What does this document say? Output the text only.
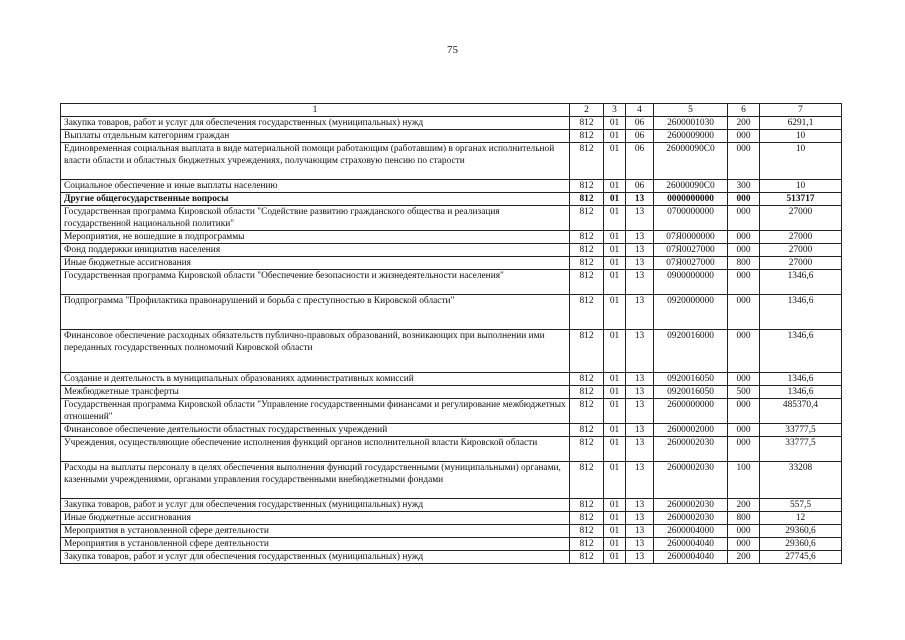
75
1	2	3	4	5	6	7
Закупка товаров, работ и услуг для обеспечения государственных (муниципальных) нужд	812	01	06	2600001030	200	6291,1
Выплаты отдельным категориям граждан	812	01	06	2600009000	000	10
Единовременная социальная выплата в виде материальной помощи работающим (работавшим) в органах исполнительной власти области и областных бюджетных учреждениях, получающим страховую пенсию по старости	812	01	06	26000090С0	000	10
Социальное обеспечение и иные выплаты населению	812	01	06	26000090С0	300	10
Другие общегосударственные вопросы	812	01	13	0000000000	000	513717
Государственная программа Кировской области "Содействие развитию гражданского общества и реализация государственной национальной политики"	812	01	13	0700000000	000	27000
Мероприятия, не вошедшие в подпрограммы	812	01	13	07Я0000000	000	27000
Фонд поддержки инициатив населения	812	01	13	07Я0027000	000	27000
Иные бюджетные ассигнования	812	01	13	07Я0027000	800	27000
Государственная программа Кировской области "Обеспечение безопасности и жизнедеятельности населения"	812	01	13	0900000000	000	1346,6
Подпрограмма "Профилактика правонарушений и борьба с преступностью в Кировской области"	812	01	13	0920000000	000	1346,6
Финансовое обеспечение расходных обязательств публично-правовых образований, возникающих при выполнении ими переданных государственных полномочий Кировской области	812	01	13	0920016000	000	1346,6
Создание и деятельность в муниципальных образованиях административных комиссий	812	01	13	0920016050	000	1346,6
Межбюджетные трансферты	812	01	13	0920016050	500	1346,6
Государственная программа Кировской области "Управление государственными финансами и регулирование межбюджетных отношений"	812	01	13	2600000000	000	485370,4
Финансовое обеспечение деятельности областных государственных учреждений	812	01	13	2600002000	000	33777,5
Учреждения, осуществляющие обеспечение исполнения функций органов исполнительной власти Кировской области	812	01	13	2600002030	000	33777,5
Расходы на выплаты персоналу в целях обеспечения выполнения функций государственными (муниципальными) органами, казенными учреждениями, органами управления государственными внебюджетными фондами	812	01	13	2600002030	100	33208
Закупка товаров, работ и услуг для обеспечения государственных (муниципальных) нужд	812	01	13	2600002030	200	557,5
Иные бюджетные ассигнования	812	01	13	2600002030	800	12
Мероприятия в установленной сфере деятельности	812	01	13	2600004000	000	29360,6
Мероприятия в установленной сфере деятельности	812	01	13	2600004040	000	29360,6
Закупка товаров, работ и услуг для обеспечения государственных (муниципальных) нужд	812	01	13	2600004040	200	27745,6
